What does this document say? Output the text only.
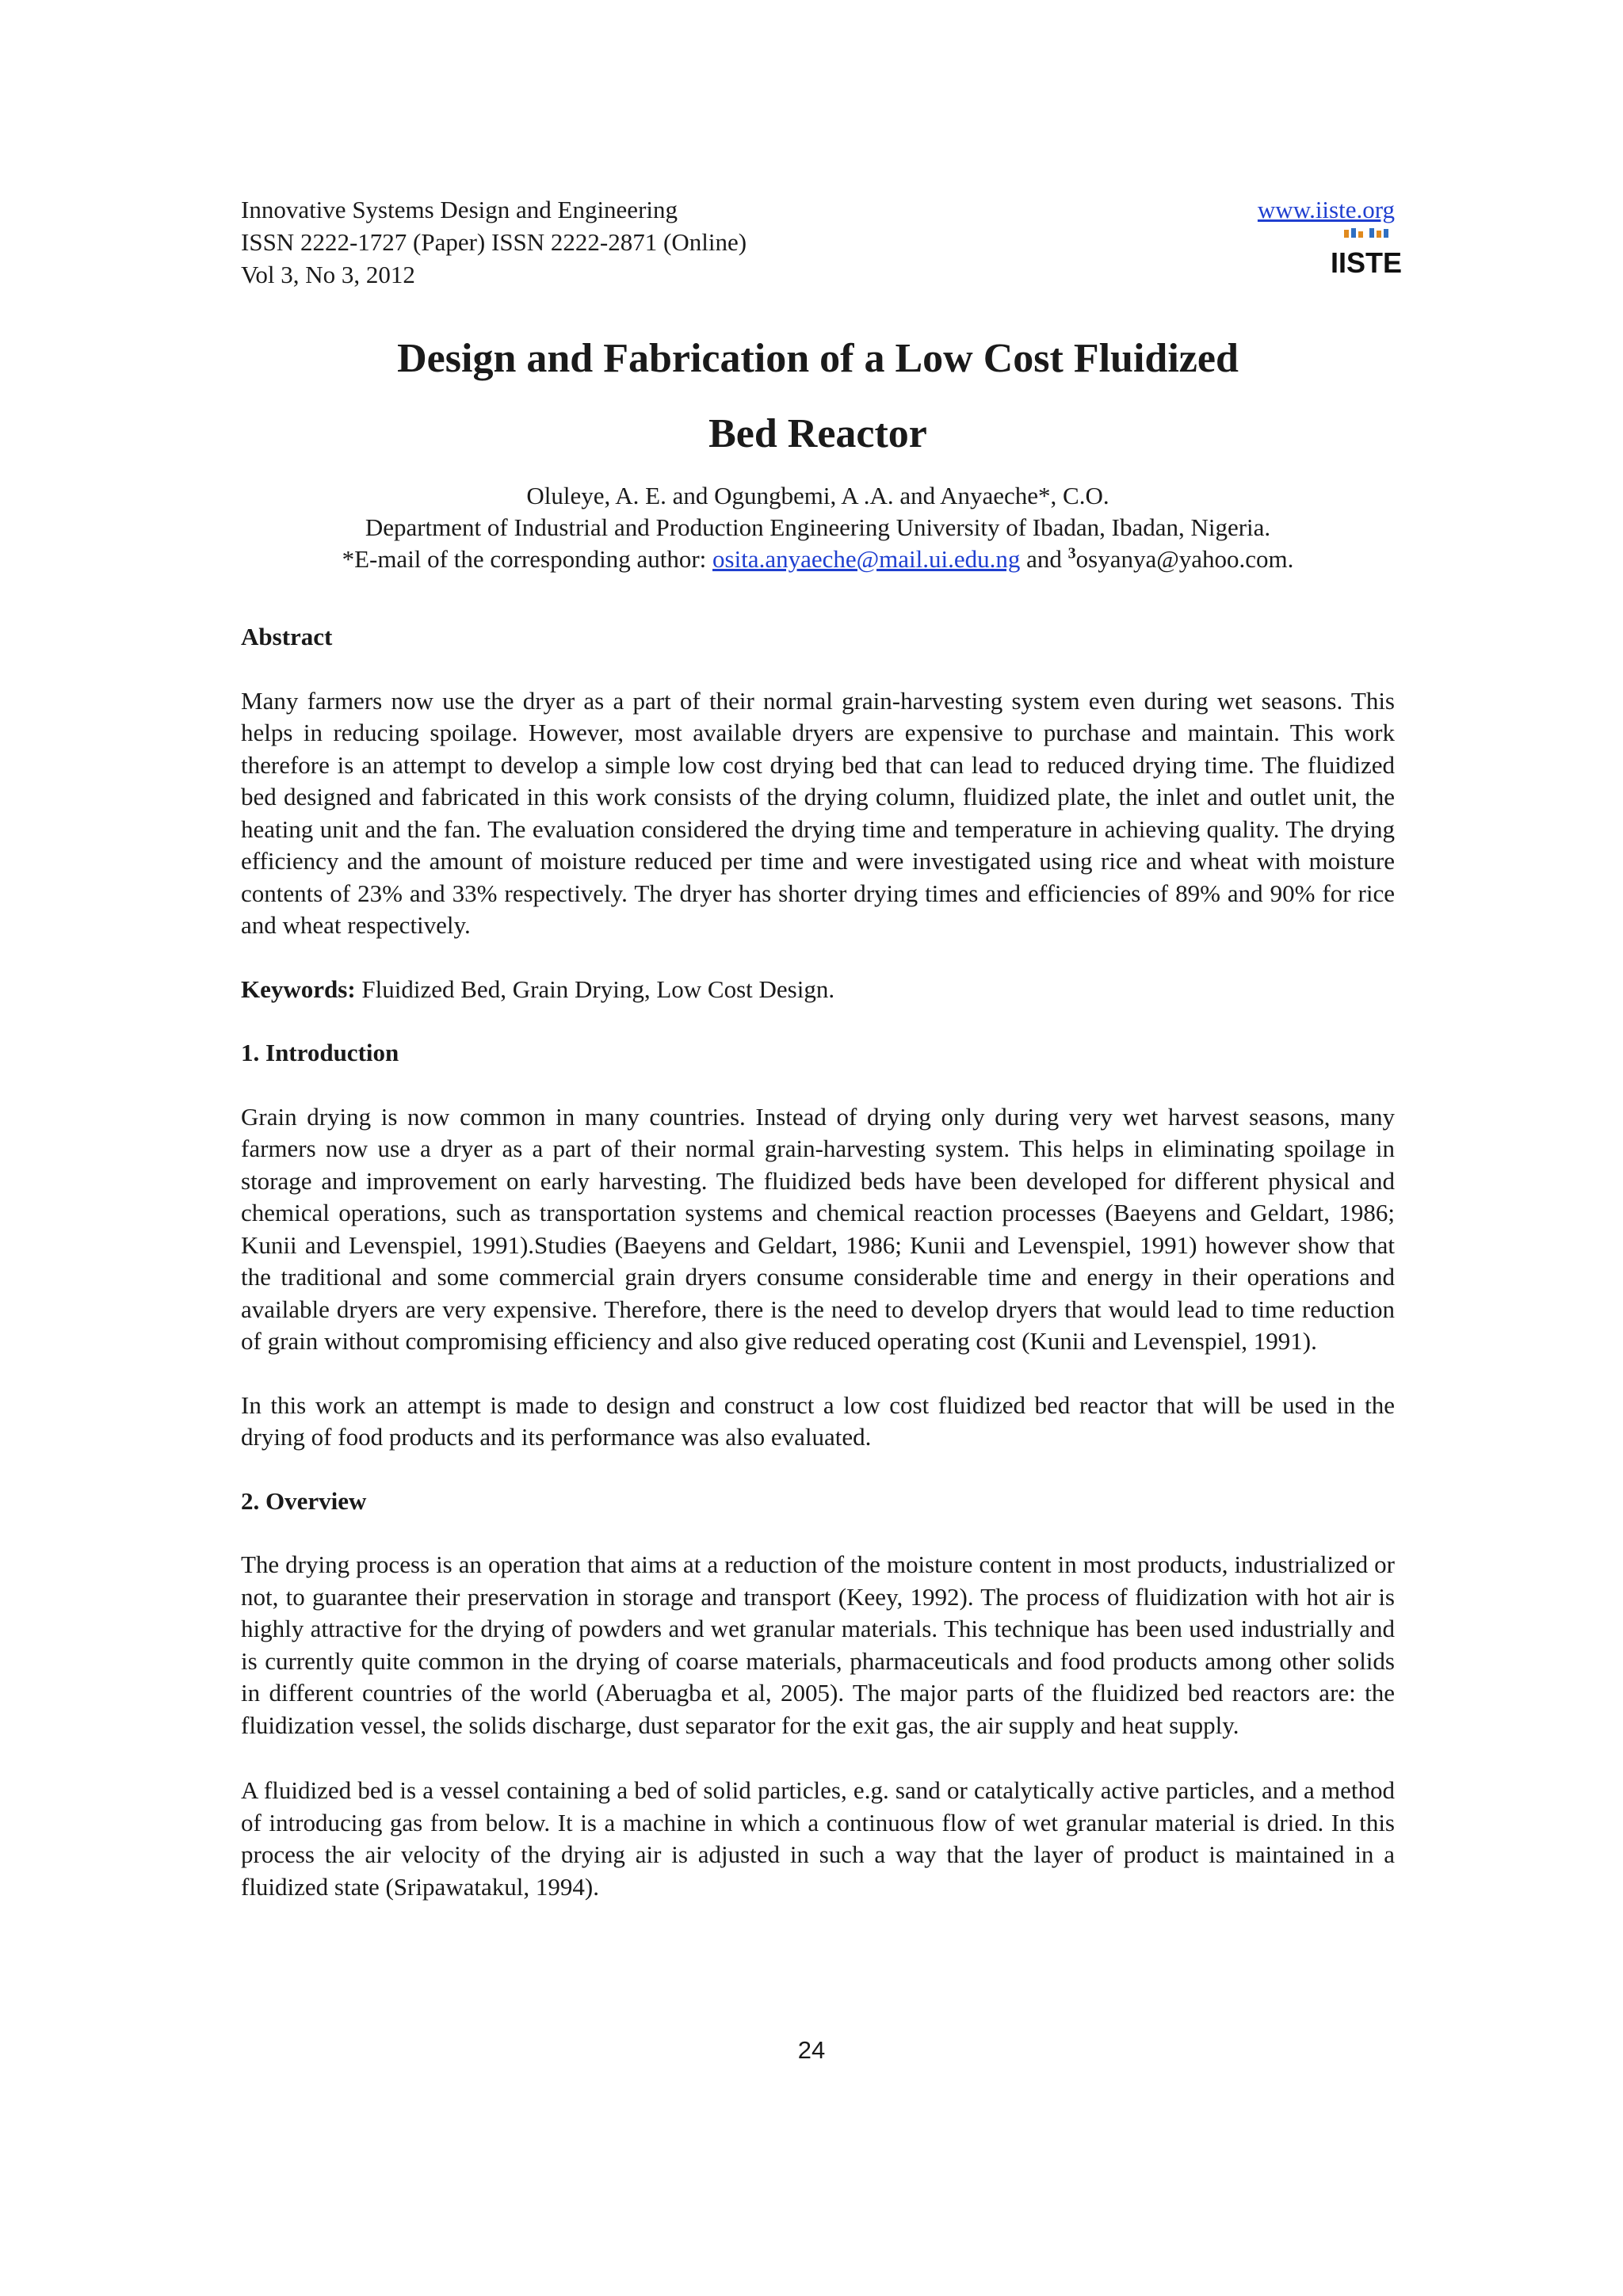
Innovative Systems Design and Engineering
ISSN 2222-1727 (Paper) ISSN 2222-2871 (Online)
Vol 3, No 3, 2012
www.iiste.org
IISTE
Design and Fabrication of a Low Cost Fluidized
Bed Reactor
Oluleye, A. E. and Ogungbemi, A .A. and Anyaeche*, C.O.
Department of Industrial and Production Engineering University of Ibadan, Ibadan, Nigeria.
*E-mail of the corresponding author: osita.anyaeche@mail.ui.edu.ng and $^3$osyanya@yahoo.com.

Abstract

Many farmers now use the dryer as a part of their normal grain-harvesting system even during wet seasons. This helps in reducing spoilage. However, most available dryers are expensive to purchase and maintain. This work therefore is an attempt to develop a simple low cost drying bed that can lead to reduced drying time. The fluidized bed designed and fabricated in this work consists of the drying column, fluidized plate, the inlet and outlet unit, the heating unit and the fan. The evaluation considered the drying time and temperature in achieving quality. The drying efficiency and the amount of moisture reduced per time and were investigated using rice and wheat with moisture contents of 23% and 33% respectively. The dryer has shorter drying times and efficiencies of 89% and 90% for rice and wheat respectively.

Keywords: Fluidized Bed, Grain Drying, Low Cost Design.

1. Introduction

Grain drying is now common in many countries. Instead of drying only during very wet harvest seasons, many farmers now use a dryer as a part of their normal grain-harvesting system. This helps in eliminating spoilage in storage and improvement on early harvesting. The fluidized beds have been developed for different physical and chemical operations, such as transportation systems and chemical reaction processes (Baeyens and Geldart, 1986; Kunii and Levenspiel, 1991).Studies (Baeyens and Geldart, 1986; Kunii and Levenspiel, 1991) however show that the traditional and some commercial grain dryers consume considerable time and energy in their operations and available dryers are very expensive. Therefore, there is the need to develop dryers that would lead to time reduction of grain without compromising efficiency and also give reduced operating cost (Kunii and Levenspiel, 1991).

In this work an attempt is made to design and construct a low cost fluidized bed reactor that will be used in the drying of food products and its performance was also evaluated.

2. Overview

The drying process is an operation that aims at a reduction of the moisture content in most products, industrialized or not, to guarantee their preservation in storage and transport (Keey, 1992). The process of fluidization with hot air is highly attractive for the drying of powders and wet granular materials. This technique has been used industrially and is currently quite common in the drying of coarse materials, pharmaceuticals and food products among other solids in different countries of the world (Aberuagba et al, 2005). The major parts of the fluidized bed reactors are: the fluidization vessel, the solids discharge, dust separator for the exit gas, the air supply and heat supply.

A fluidized bed is a vessel containing a bed of solid particles, e.g. sand or catalytically active particles, and a method of introducing gas from below. It is a machine in which a continuous flow of wet granular material is dried. In this process the air velocity of the drying air is adjusted in such a way that the layer of product is maintained in a fluidized state (Sripawatakul, 1994).

24
